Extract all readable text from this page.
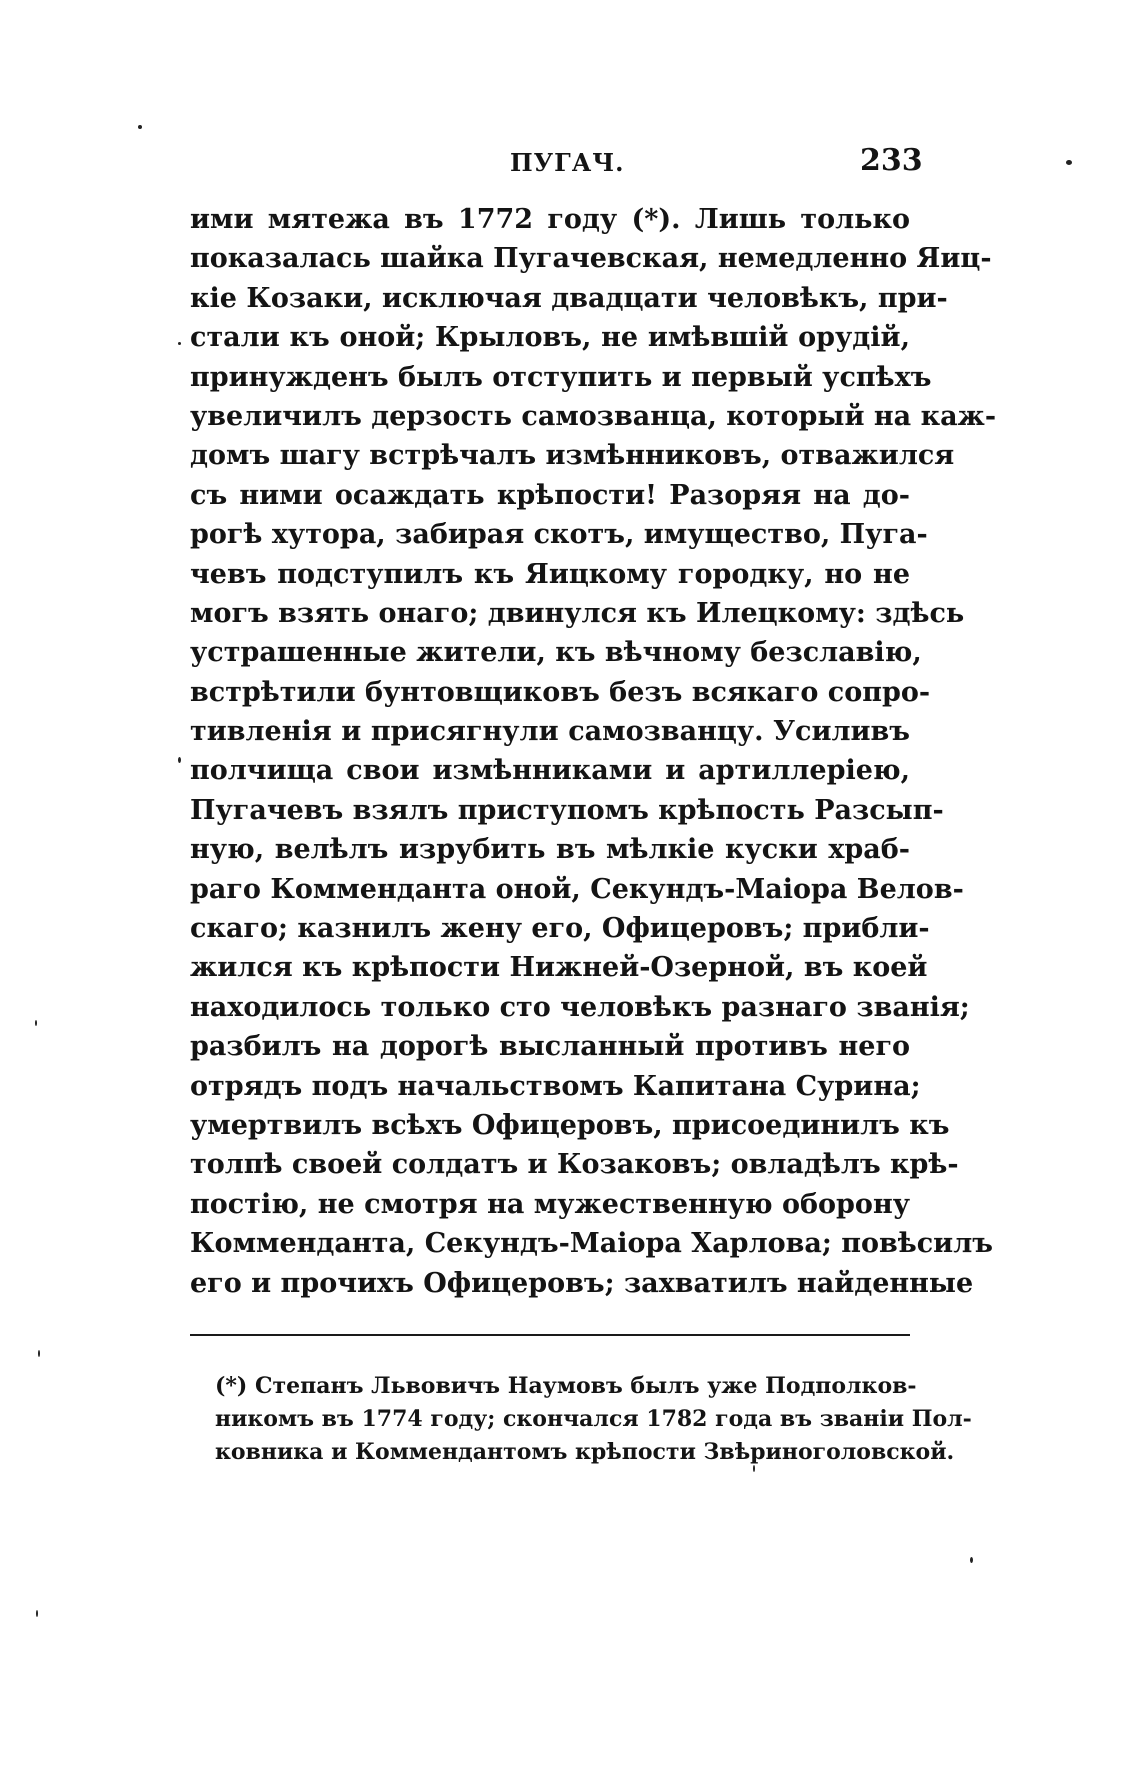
ПУГАЧ.	233
ими мятежа въ 1772 году (*). Лишь только
показалась шайка Пугачевская, немедленно Яиц-
кіе Козаки, исключая двадцати человѣкъ, при-
стали къ оной; Крыловъ, не имѣвшій орудій,
принужденъ былъ отступить и первый успѣхъ
увеличилъ дерзость самозванца, который на каж-
домъ шагу встрѣчалъ измѣнниковъ, отважился
съ ними осаждать крѣпости! Разоряя на до-
рогѣ хутора, забирая скотъ, имущество, Пуга-
чевъ подступилъ къ Яицкому городку, но не
могъ взять онаго; двинулся къ Илецкому: здѣсь
устрашенные жители, къ вѣчному безславію,
встрѣтили бунтовщиковъ безъ всякаго сопро-
тивленія и присягнули самозванцу. Усиливъ
полчища свои измѣнниками и артиллеріею,
Пугачевъ взялъ приступомъ крѣпость Разсып-
ную, велѣлъ изрубить въ мѣлкіе куски храб-
раго Комменданта оной, Секундъ-Маіора Велов-
скаго; казнилъ жену его, Офицеровъ; прибли-
жился къ крѣпости Нижней-Озерной, въ коей
находилось только сто человѣкъ разнаго званія;
разбилъ на дорогѣ высланный противъ него
отрядъ подъ начальствомъ Капитана Сурина;
умертвилъ всѣхъ Офицеровъ, присоединилъ къ
толпѣ своей солдатъ и Козаковъ; овладѣлъ крѣ-
постію, не смотря на мужественную оборону
Комменданта, Секундъ-Маіора Харлова; повѣсилъ
его и прочихъ Офицеровъ; захватилъ найденные
(*) Степанъ Львовичъ Наумовъ былъ уже Подполков-
никомъ въ 1774 году; скончался 1782 года въ званіи Пол-
ковника и Коммендантомъ крѣпости Звѣриноголовской.
